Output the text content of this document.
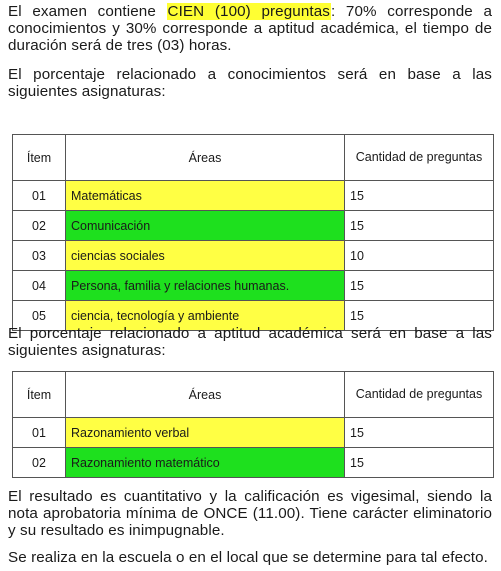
El examen contiene CIEN (100) preguntas: 70% corresponde a conocimientos y 30% corresponde a aptitud académica, el tiempo de duración será de tres (03) horas.

El porcentaje relacionado a conocimientos será en base a las siguientes asignaturas:

Ítem	Áreas	Cantidad de preguntas
01	Matemáticas	15
02	Comunicación	15
03	ciencias sociales	10
04	Persona, familia y relaciones humanas.	15
05	ciencia, tecnología y ambiente	15

El porcentaje relacionado a aptitud académica será en base a las siguientes asignaturas:

Ítem	Áreas	Cantidad de preguntas
01	Razonamiento verbal	15
02	Razonamiento matemático	15

El resultado es cuantitativo y la calificación es vigesimal, siendo la nota aprobatoria mínima de ONCE (11.00). Tiene carácter eliminatorio y su resultado es inimpugnable.

Se realiza en la escuela o en el local que se determine para tal efecto.
